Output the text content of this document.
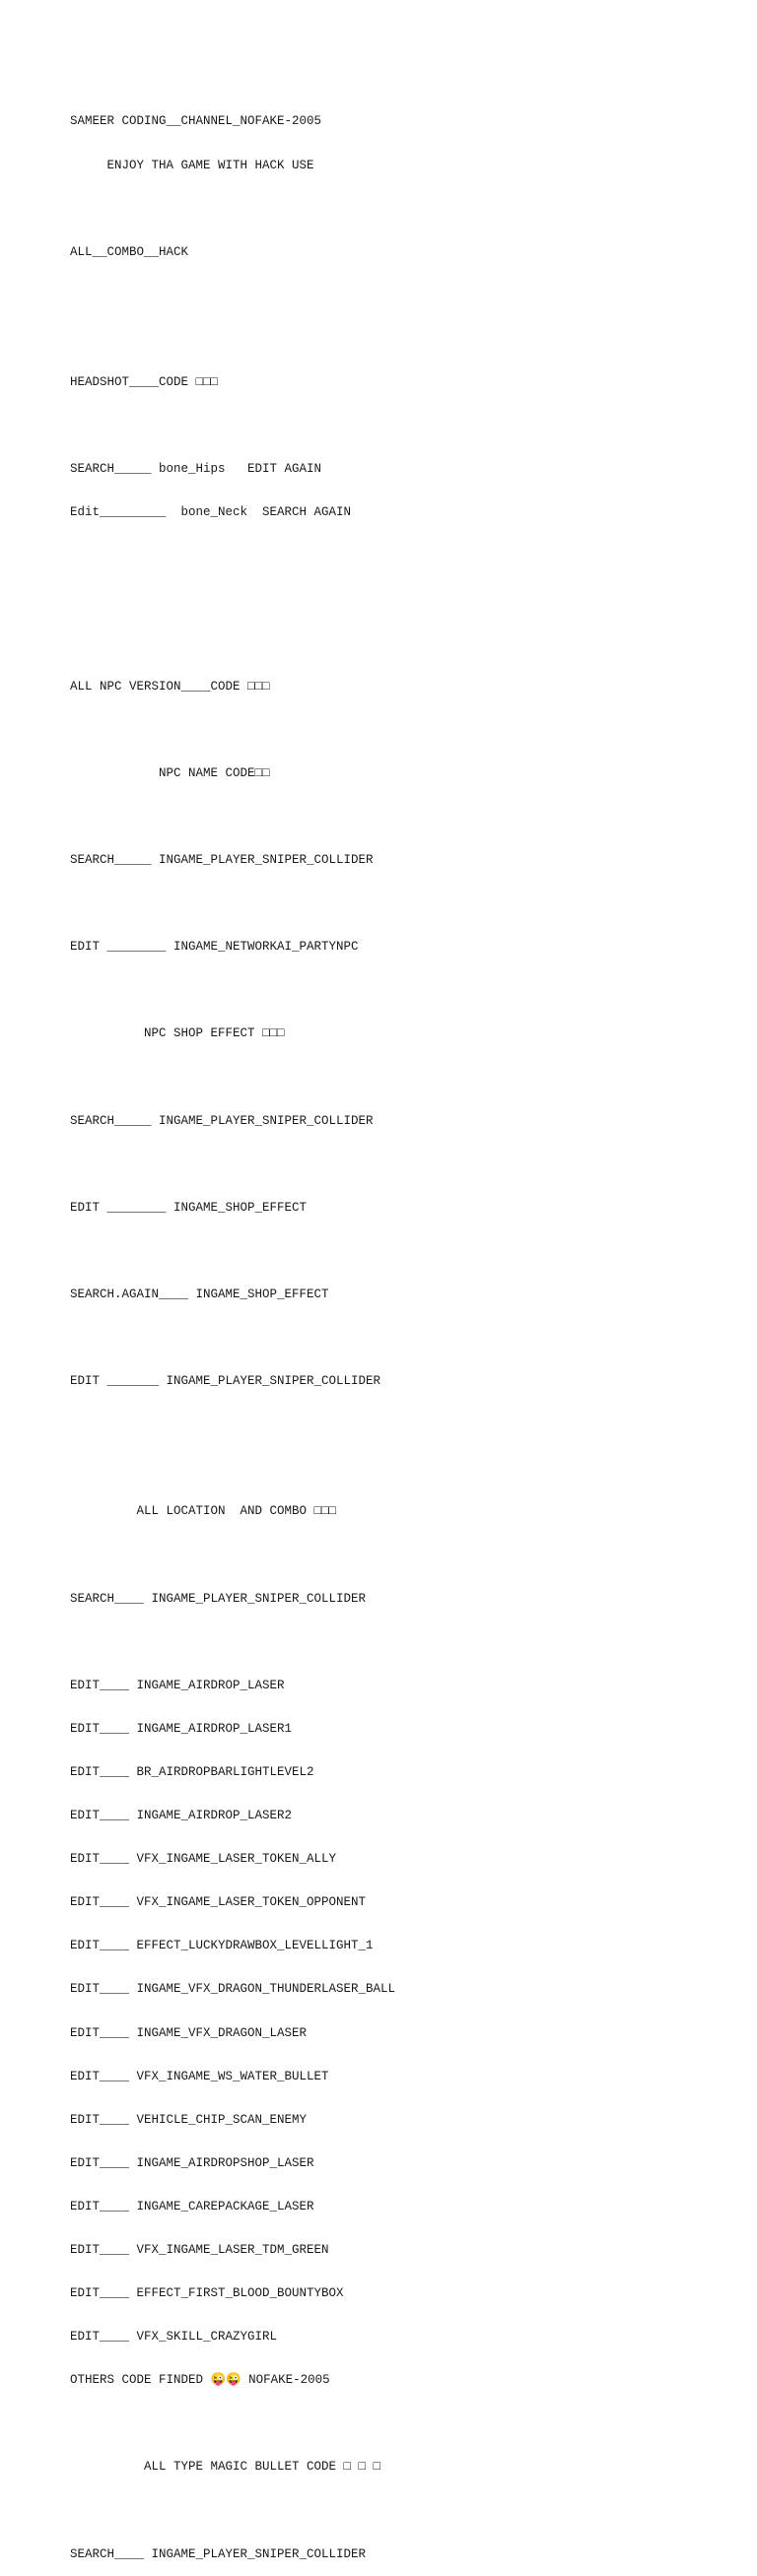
SAMEER CODING__CHANNEL_NOFAKE-2005

ENJOY THA GAME WITH HACK USE

ALL__COMBO__HACK

HEADSHOT____CODE □□□

SEARCH_____ bone_Hips   EDIT AGAIN

Edit_________  bone_Neck  SEARCH AGAIN

ALL NPC VERSION____CODE □□□

NPC NAME CODE□□

SEARCH_____ INGAME_PLAYER_SNIPER_COLLIDER

EDIT ________ INGAME_NETWORKAI_PARTYNPC

NPC SHOP EFFECT □□□

SEARCH_____ INGAME_PLAYER_SNIPER_COLLIDER

EDIT ________ INGAME_SHOP_EFFECT

SEARCH.AGAIN____ INGAME_SHOP_EFFECT

EDIT _______ INGAME_PLAYER_SNIPER_COLLIDER

ALL LOCATION  AND COMBO □□□

SEARCH____ INGAME_PLAYER_SNIPER_COLLIDER

EDIT____ INGAME_AIRDROP_LASER

EDIT____ INGAME_AIRDROP_LASER1

EDIT____ BR_AIRDROPBARLIGHTLEVEL2

EDIT____ INGAME_AIRDROP_LASER2

EDIT____ VFX_INGAME_LASER_TOKEN_ALLY

EDIT____ VFX_INGAME_LASER_TOKEN_OPPONENT

EDIT____ EFFECT_LUCKYDRAWBOX_LEVELLIGHT_1

EDIT____ INGAME_VFX_DRAGON_THUNDERLASER_BALL

EDIT____ INGAME_VFX_DRAGON_LASER

EDIT____ VFX_INGAME_WS_WATER_BULLET

EDIT____ VEHICLE_CHIP_SCAN_ENEMY

EDIT____ INGAME_AIRDROPSHOP_LASER

EDIT____ INGAME_CAREPACKAGE_LASER

EDIT____ VFX_INGAME_LASER_TDM_GREEN

EDIT____ EFFECT_FIRST_BLOOD_BOUNTYBOX

EDIT____ VFX_SKILL_CRAZYGIRL

OTHERS CODE FINDED 😜😜 NOFAKE-2005

ALL TYPE MAGIC BULLET CODE □ □ □

SEARCH____ INGAME_PLAYER_SNIPER_COLLIDER
